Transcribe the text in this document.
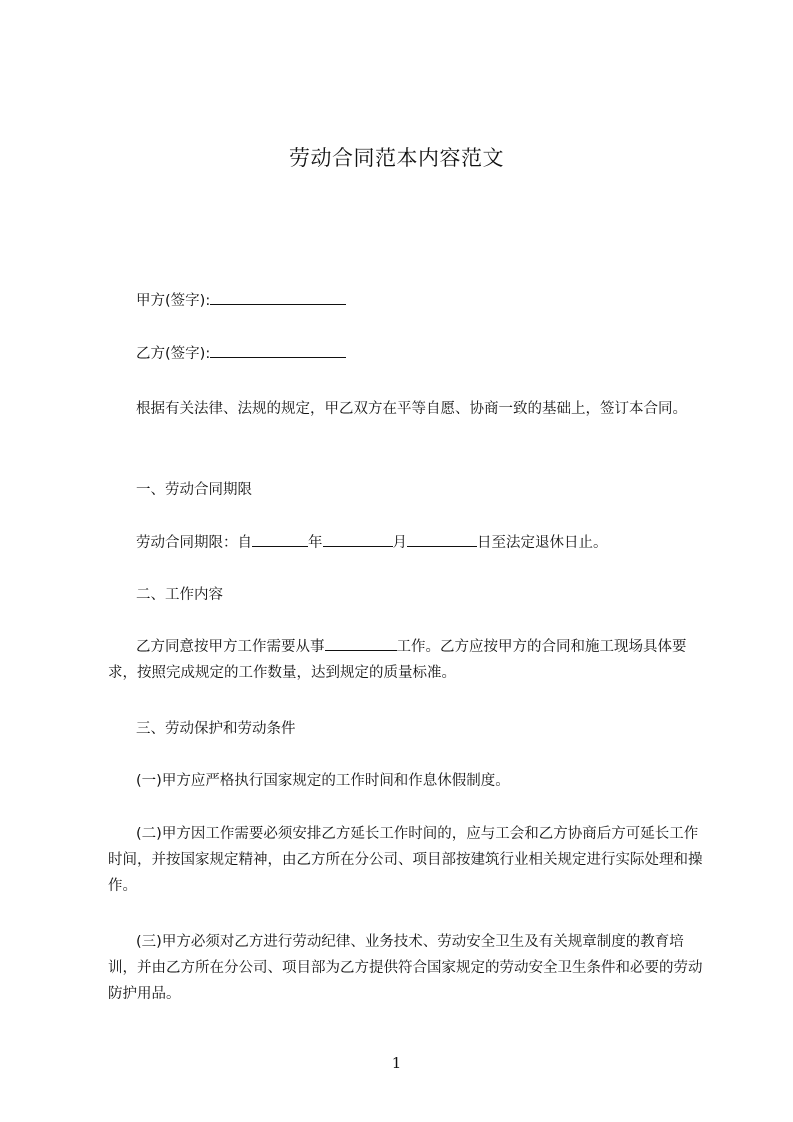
劳动合同范本内容范文
甲方(签字):
乙方(签字):

根据有关法律、法规的规定，甲乙双方在平等自愿、协商一致的基础上，签订本合同。

一、劳动合同期限
劳动合同期限：自	年	月	日至法定退休日止。
二、工作内容

乙方同意按甲方工作需要从事	工作。乙方应按甲方的合同和施工现场具体要求，按照完成规定的工作数量，达到规定的质量标准。

三、劳动保护和劳动条件

(一)甲方应严格执行国家规定的工作时间和作息休假制度。

(二)甲方因工作需要必须安排乙方延长工作时间的，应与工会和乙方协商后方可延长工作时间，并按国家规定精神，由乙方所在分公司、项目部按建筑行业相关规定进行实际处理和操作。

(三)甲方必须对乙方进行劳动纪律、业务技术、劳动安全卫生及有关规章制度的教育培训，并由乙方所在分公司、项目部为乙方提供符合国家规定的劳动安全卫生条件和必要的劳动防护用品。

1
